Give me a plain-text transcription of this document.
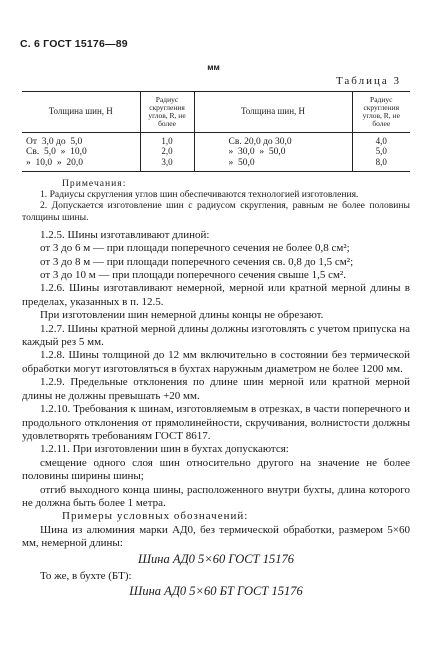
С. 6 ГОСТ 15176—89
мм
Таблица 3
Толщина шин, Н	Радиус скругления углов, R, не более	Толщина шин, Н	Радиус скругления углов, R, не более
От  3,0 до  5,0	1,0	Св. 20,0 до 30,0	4,0
Св.  5,0  »  10,0	2,0	»  30,0  »  50,0	5,0
»  10,0  »  20,0	3,0	»  50,0	8,0

Примечания:

1. Радиусы скругления углов шин обеспечиваются технологией изготовления.

2. Допускается изготовление шин с радиусом скругления, равным не более половины толщины шины.

1.2.5. Шины изготавливают длиной:

от 3 до 6 м — при площади поперечного сечения не более 0,8 см²;

от 3 до 8 м — при площади поперечного сечения св. 0,8 до 1,5 см²;

от 3 до 10 м — при площади поперечного сечения свыше 1,5 см².

1.2.6. Шины изготавливают немерной, мерной или кратной мерной длины в пределах, указанных в п. 12.5.

При изготовлении шин немерной длины концы не обрезают.

1.2.7. Шины кратной мерной длины должны изготовлять с учетом припуска на каждый рез 5 мм.

1.2.8. Шины толщиной до 12 мм включительно в состоянии без термической обработки могут изготовляться в бухтах наружным диаметром не более 1200 мм.

1.2.9. Предельные отклонения по длине шин мерной или кратной мерной длины не должны превышать +20 мм.

1.2.10. Требования к шинам, изготовляемым в отрезках, в части поперечного и продольного отклонения от прямолинейности, скручивания, волнистости должны удовлетворять требованиям ГОСТ 8617.

1.2.11. При изготовлении шин в бухтах допускаются:

смещение одного слоя шин относительно другого на значение не более половины ширины шины;

отгиб выходного конца шины, расположенного внутри бухты, длина которого не должна быть более 1 метра.

Примеры условных обозначений:

Шина из алюминия марки АД0, без термической обработки, размером 5×60 мм, немерной длины:

Шина АД0 5×60 ГОСТ 15176

То же, в бухте (БТ):

Шина АД0 5×60 БТ ГОСТ 15176
